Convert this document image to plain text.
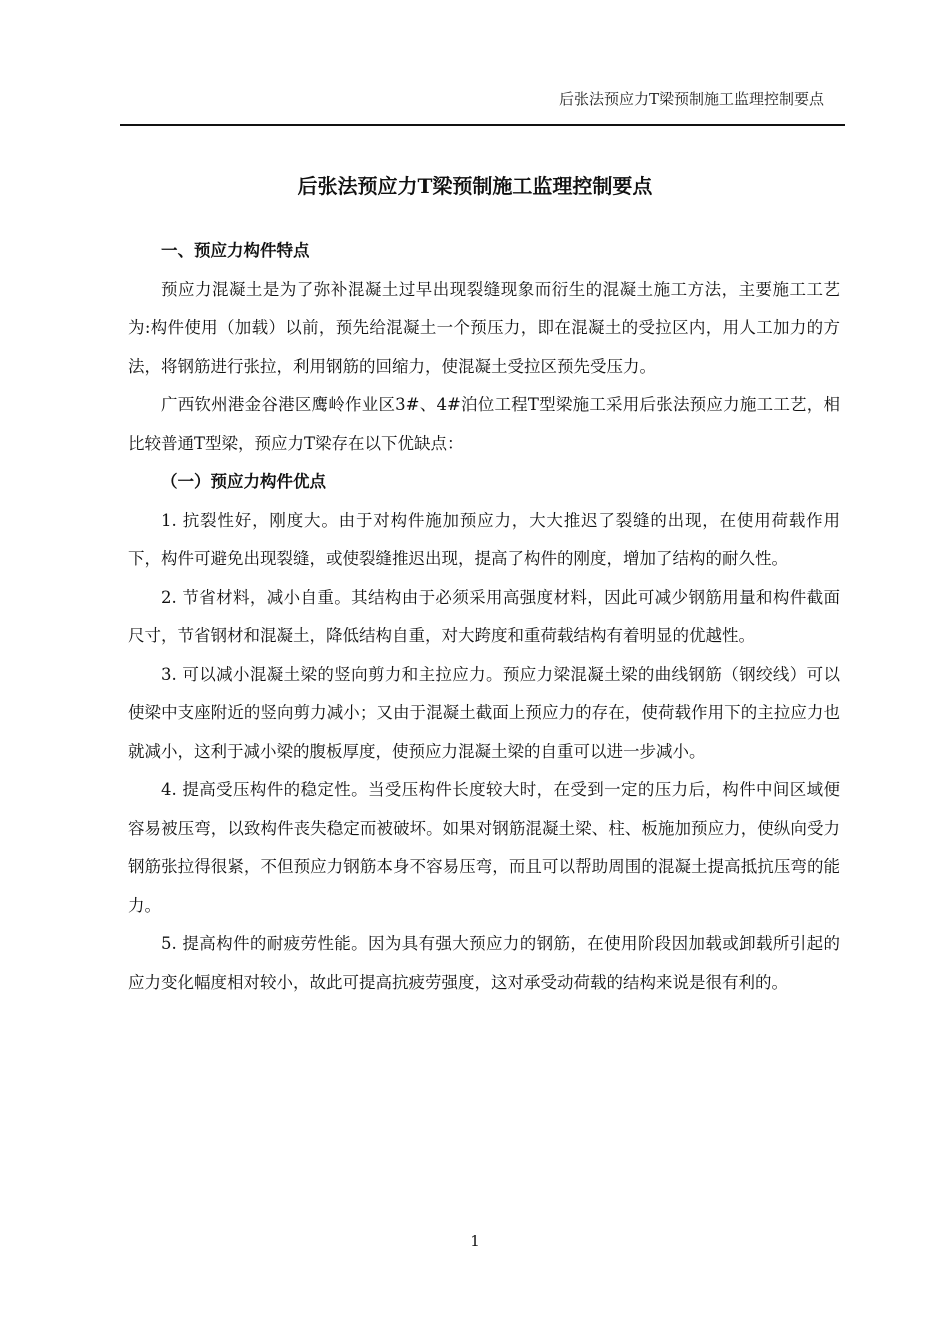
后张法预应力T梁预制施工监理控制要点
后张法预应力T梁预制施工监理控制要点

一、预应力构件特点

预应力混凝土是为了弥补混凝土过早出现裂缝现象而衍生的混凝土施工方法，主要施工工艺为:构件使用（加载）以前，预先给混凝土一个预压力，即在混凝土的受拉区内，用人工加力的方法，将钢筋进行张拉，利用钢筋的回缩力，使混凝土受拉区预先受压力。

广西钦州港金谷港区鹰岭作业区3#、4#泊位工程T型梁施工采用后张法预应力施工工艺，相比较普通T型梁，预应力T梁存在以下优缺点：

（一）预应力构件优点

1. 抗裂性好，刚度大。由于对构件施加预应力，大大推迟了裂缝的出现，在使用荷载作用下，构件可避免出现裂缝，或使裂缝推迟出现，提高了构件的刚度，增加了结构的耐久性。

2. 节省材料，减小自重。其结构由于必须采用高强度材料，因此可减少钢筋用量和构件截面尺寸，节省钢材和混凝土，降低结构自重，对大跨度和重荷载结构有着明显的优越性。

3. 可以减小混凝土梁的竖向剪力和主拉应力。预应力梁混凝土梁的曲线钢筋（钢绞线）可以使梁中支座附近的竖向剪力减小；又由于混凝土截面上预应力的存在，使荷载作用下的主拉应力也就减小，这利于减小梁的腹板厚度，使预应力混凝土梁的自重可以进一步减小。

4. 提高受压构件的稳定性。当受压构件长度较大时，在受到一定的压力后，构件中间区域便容易被压弯，以致构件丧失稳定而被破坏。如果对钢筋混凝土梁、柱、板施加预应力，使纵向受力钢筋张拉得很紧，不但预应力钢筋本身不容易压弯，而且可以帮助周围的混凝土提高抵抗压弯的能力。

5. 提高构件的耐疲劳性能。因为具有强大预应力的钢筋，在使用阶段因加载或卸载所引起的应力变化幅度相对较小，故此可提高抗疲劳强度，这对承受动荷载的结构来说是很有利的。

1
